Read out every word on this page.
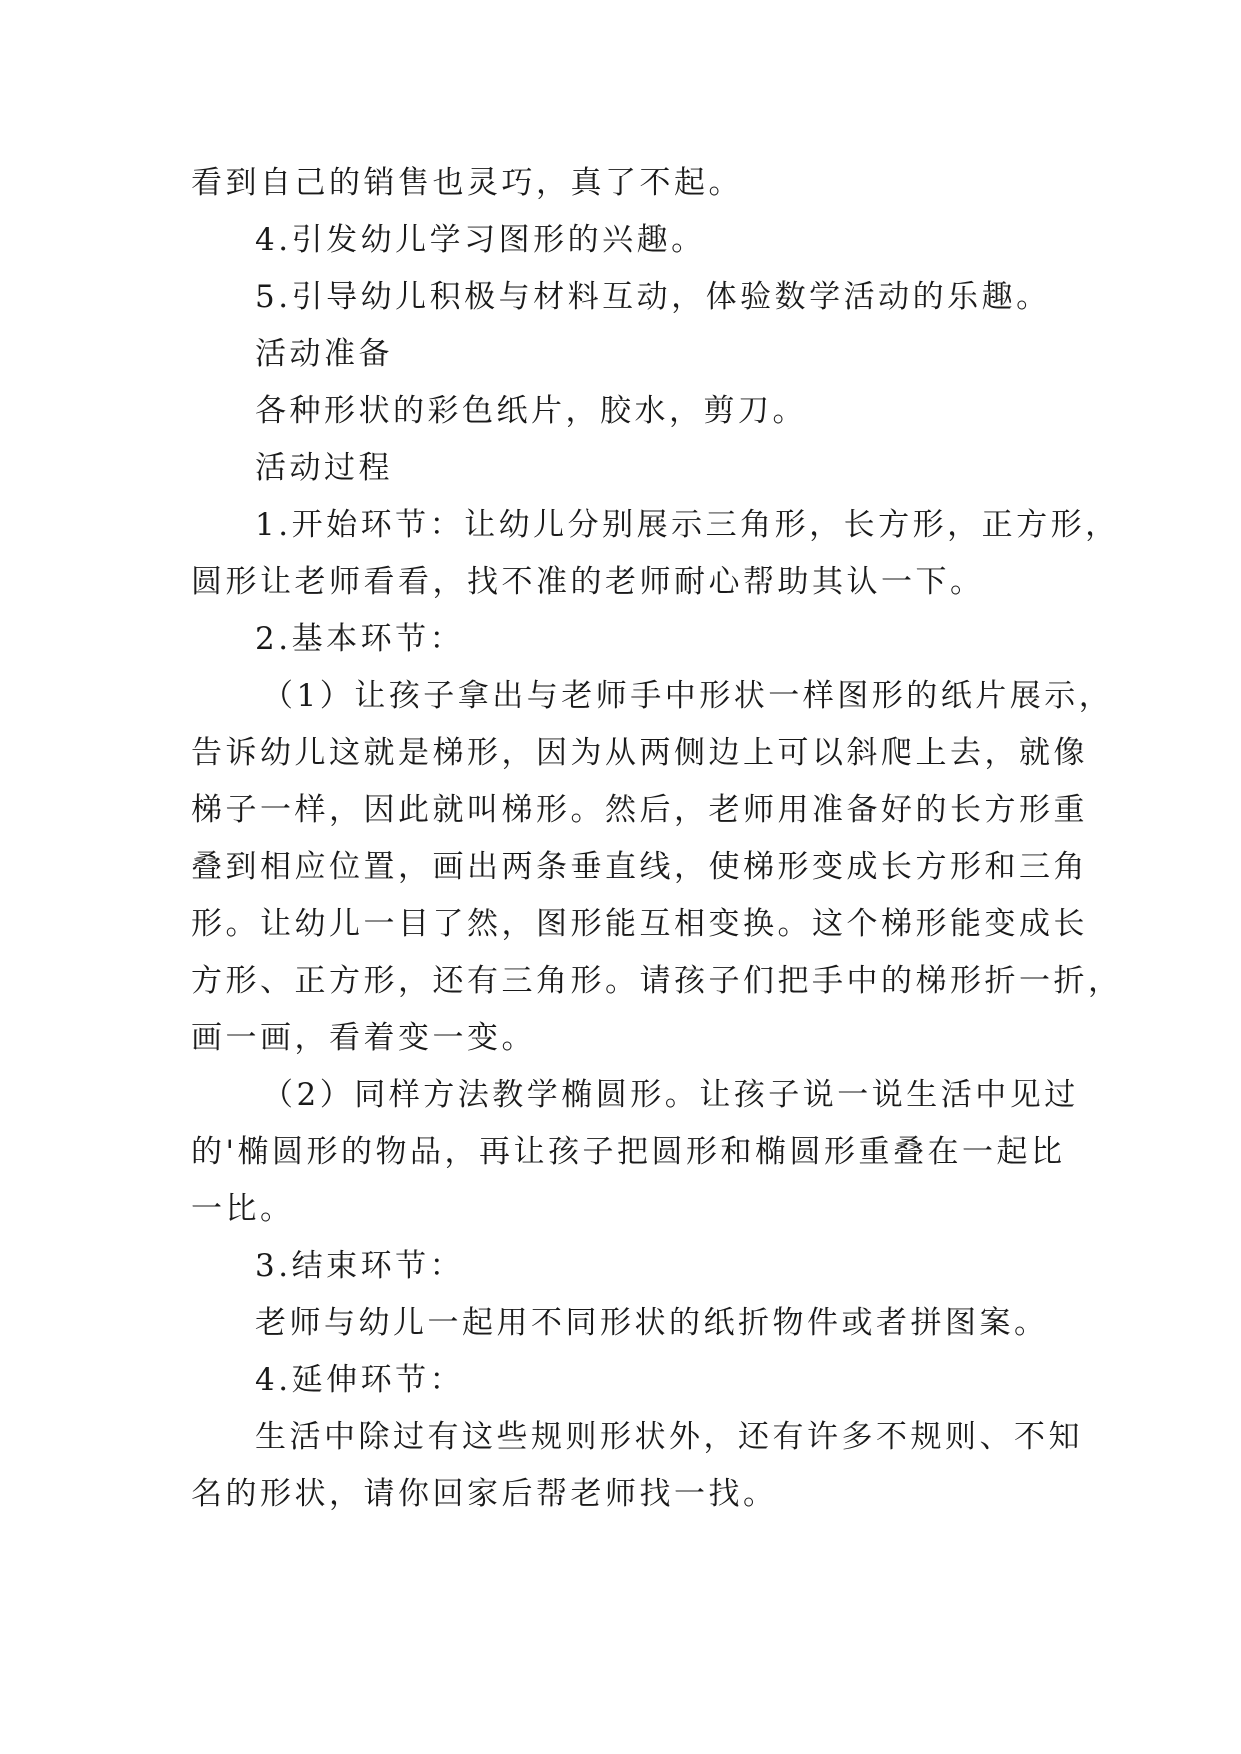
看到自己的销售也灵巧，真了不起。
4.引发幼儿学习图形的兴趣。
5.引导幼儿积极与材料互动，体验数学活动的乐趣。
活动准备
各种形状的彩色纸片，胶水，剪刀。
活动过程
1.开始环节：让幼儿分别展示三角形，长方形，正方形，
圆形让老师看看，找不准的老师耐心帮助其认一下。
2.基本环节：
（1）让孩子拿出与老师手中形状一样图形的纸片展示，
告诉幼儿这就是梯形，因为从两侧边上可以斜爬上去，就像
梯子一样，因此就叫梯形。然后，老师用准备好的长方形重
叠到相应位置，画出两条垂直线，使梯形变成长方形和三角
形。让幼儿一目了然，图形能互相变换。这个梯形能变成长
方形、正方形，还有三角形。请孩子们把手中的梯形折一折，
画一画，看着变一变。
（2）同样方法教学椭圆形。让孩子说一说生活中见过
的'椭圆形的物品，再让孩子把圆形和椭圆形重叠在一起比
一比。
3.结束环节：
老师与幼儿一起用不同形状的纸折物件或者拼图案。
4.延伸环节：
生活中除过有这些规则形状外，还有许多不规则、不知
名的形状，请你回家后帮老师找一找。
